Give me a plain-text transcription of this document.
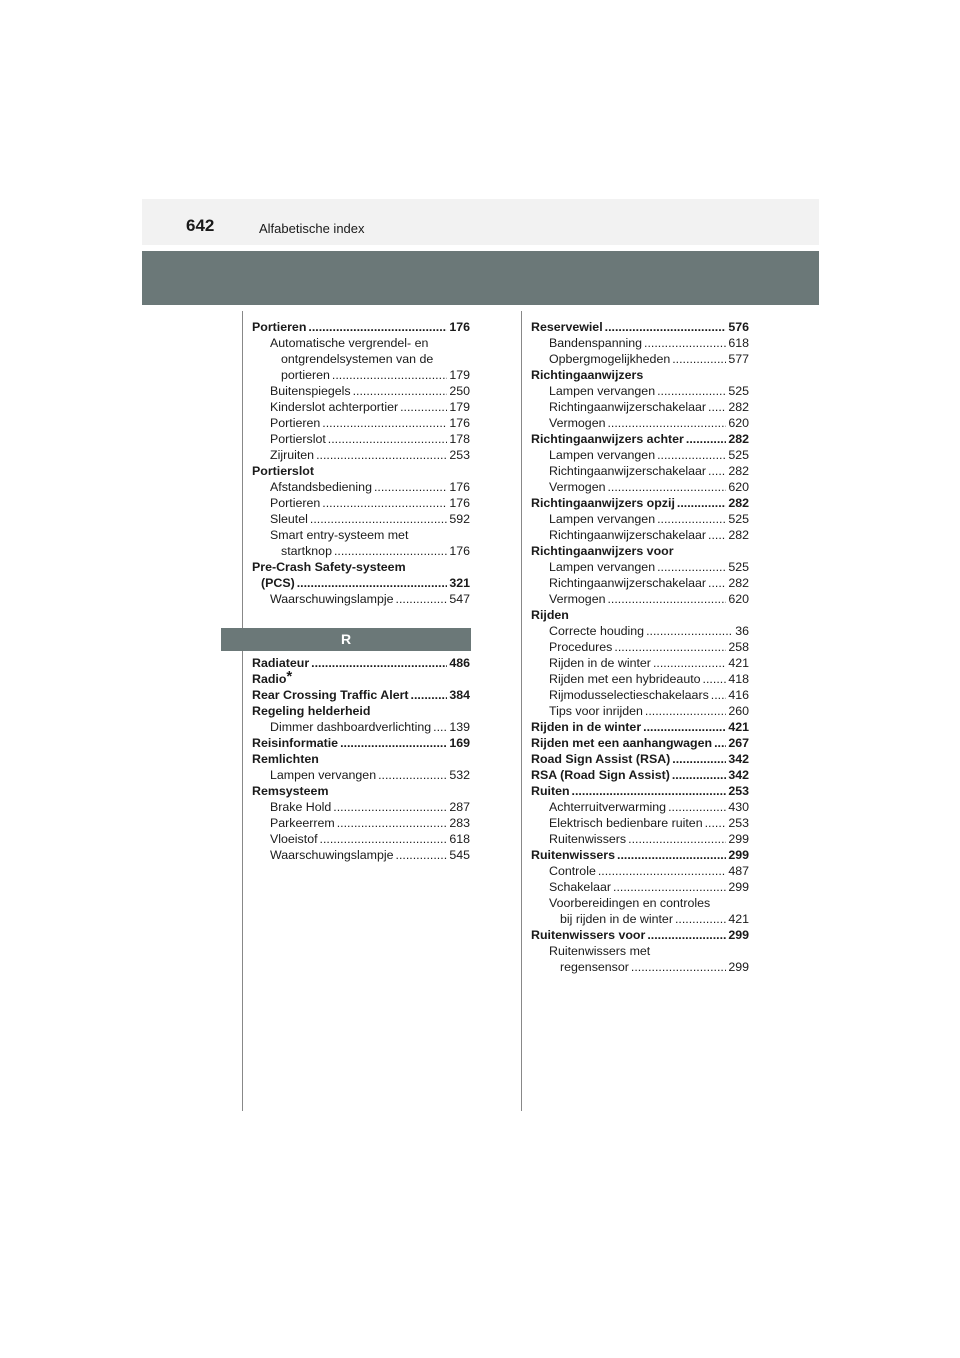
642	Alfabetische index
Portieren .....	176
Automatische vergrendel- en
ontgrendelsystemen van de
portieren .....	179
Buitenspiegels .....	250
Kinderslot achterportier .....	179
Portieren .....	176
Portierslot .....	178
Zijruiten .....	253
Portierslot
Afstandsbediening .....	176
Portieren .....	176
Sleutel .....	592
Smart entry-systeem met
startknop .....	176
Pre-Crash Safety-systeem
(PCS) .....	321
Waarschuwingslampje .....	547
R
Radiateur .....	486
Radio*
Rear Crossing Traffic Alert .....	384
Regeling helderheid
Dimmer dashboardverlichting ..... 139
Reisinformatie .....	169
Remlichten
Lampen vervangen .....	532
Remsysteem
Brake Hold .....	287
Parkeerrem .....	283
Vloeistof .....	618
Waarschuwingslampje .....	545
Reservewiel .....	576
Bandenspanning .....	618
Opbergmogelijkheden .....	577
Richtingaanwijzers
Lampen vervangen .....	525
Richtingaanwijzerschakelaar ..... 282
Vermogen .....	620
Richtingaanwijzers achter .....	282
Lampen vervangen .....	525
Richtingaanwijzerschakelaar ..... 282
Vermogen .....	620
Richtingaanwijzers opzij .....	282
Lampen vervangen .....	525
Richtingaanwijzerschakelaar ..... 282
Richtingaanwijzers voor
Lampen vervangen .....	525
Richtingaanwijzerschakelaar ..... 282
Vermogen .....	620
Rijden
Correcte houding .....	36
Procedures .....	258
Rijden in de winter .....	421
Rijden met een hybrideauto ..... 418
Rijmodusselectieschakelaars ..... 416
Tips voor inrijden .....	260
Rijden in de winter .....	421
Rijden met een aanhangwagen ..... 267
Road Sign Assist (RSA) .....	342
RSA (Road Sign Assist) .....	342
Ruiten .....	253
Achterruitverwarming .....	430
Elektrisch bedienbare ruiten ..... 253
Ruitenwissers .....	299
Ruitenwissers .....	299
Controle .....	487
Schakelaar .....	299
Voorbereidingen en controles
bij rijden in de winter .....	421
Ruitenwissers voor .....	299
Ruitenwissers met
regensensor .....	299
